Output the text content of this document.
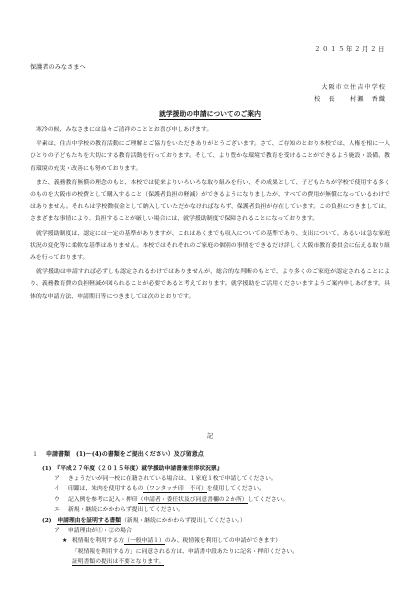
２０１５年２月２日
保護者のみなさまへ
大阪市立住吉中学校
校　長　　村瀬　香織
就学援助の申請についてのご案内

寒冷の候、みなさまには益々ご清祥のこととお喜び申しあげます。

平素は、住吉中学校の教育活動にご理解とご協力をいただきありがとうございます。さて、ご存知のとおり本校では、人権を根に一人ひとりの子どもたちを大切にする教育活動を行っております。そして、より豊かな環境で教育を受けることができるよう施設・設備、教育環境の充実・改善にも努めております。

また、義務教育無償の理念のもと、本校では従来よりいろいろな取り組みを行い、その成果として、子どもたちが学校で使用する多くのものを大阪市の校費として購入すること（保護者負担の軽減）ができるようになりましたが、すべての費用が無償になっているわけではありません。それらは学校徴収金として納入していただかなければならず、保護者負担が存在しています。この負担につきましては、さまざまな事情により、負担することが厳しい場合には、就学援助制度で保障されることになっております。

就学援助制度は、認定には一定の基準がありますが、これはあくまでも収入についての基準であり、支出について、あるいは急な家庭状況の変化等に柔軟な基準はありません。本校ではそれぞれのご家庭の個別の事情をできるだけ詳しく大阪市教育委員会に伝える取り組みを行っております。

就学援助は申請すれば必ずしも認定されるわけではありませんが、総合的な判断のもとで、より多くのご家庭が認定されることにより、義務教育費の負担軽減が図られることが必要であると考えております。就学援助をご活用くださいますようご案内申しあげます。具体的な申請方法、申請期日等につきましては次のとおりです。

記
１ 申請書類　(1)～(4)の書類をご提出ください）及び留意点
(1)　『平成２７年度（２０１５年度）就学援助申請書兼世帯状況票』
ア きょうだいが同一校に在籍されている場合は、１家庭１枚で申請してください。
イ 印鑑は、朱肉を使用するもの（ワンタッチ印　不可）を使用してください。
ウ 記入例を参考に記入・押印（申請者・委任状及び同意書欄の２か所）してください。
エ 新規・継続にかかわらず提出してください。
(2)　申請理由を証明する書類（新規・継続にかかわらず提出してください。）
ア 申請理由が①・②の場合
★ 税情報を利用する方（一般申請１）のみ、税情報を利用しての申請ができます）
「税情報を利用する方」に同意される方は、申請書中段あたりに記名・押印ください。
証明書類の提出は不要となります。
